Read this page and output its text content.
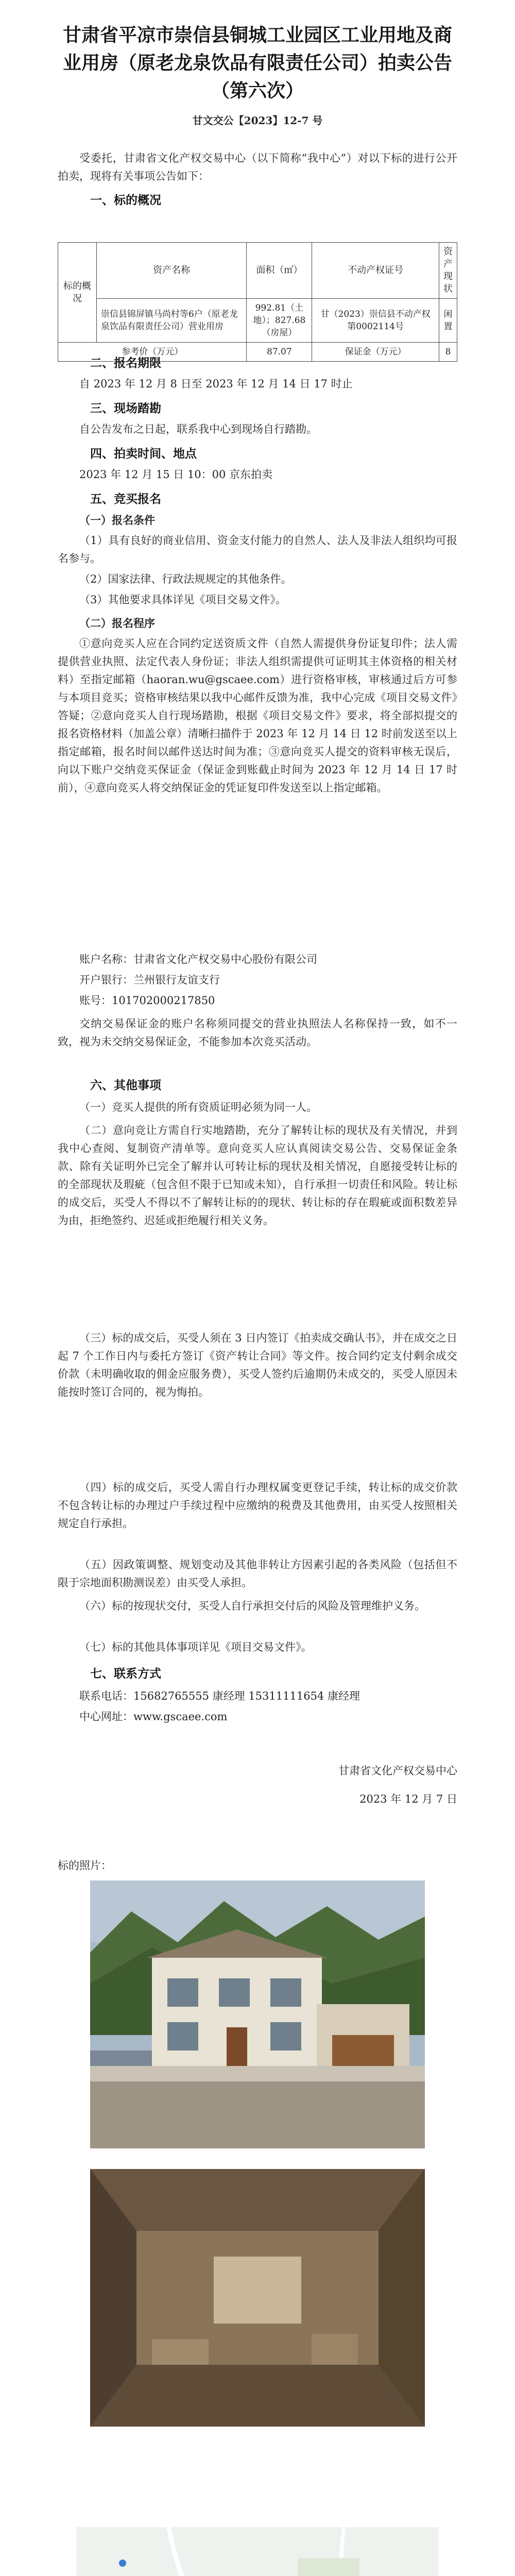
甘肃省平凉市崇信县铜城工业园区工业用地及商业用房（原老龙泉饮品有限责任公司）拍卖公告（第六次）
甘文交公【2023】12-7 号

受委托，甘肃省文化产权交易中心（以下简称“我中心”）对以下标的进行公开拍卖，现将有关事项公告如下：

一、标的概况
标的概况	资产名称	面积（㎡）	不动产权证号	资产现状
	崇信县锦屏镇马尚村等6户（原老龙泉饮品有限责任公司）营业用房	992.81（土地）；827.68（房屋）	甘（2023）崇信县不动产权第0002114号	闲置
参考价（万元）		87.07	保证金（万元）	8
二、报名期限

自 2023 年 12 月 8 日至 2023 年 12 月 14 日 17 时止

三、现场踏勘

自公告发布之日起，联系我中心到现场自行踏勘。

四、拍卖时间、地点

2023 年 12 月 15 日 10：00 京东拍卖

五、竞买报名
（一）报名条件

（1）具有良好的商业信用、资金支付能力的自然人、法人及非法人组织均可报名参与。

（2）国家法律、行政法规规定的其他条件。

（3）其他要求具体详见《项目交易文件》。

（二）报名程序

①意向竞买人应在合同约定送资质文件（自然人需提供身份证复印件；法人需提供营业执照、法定代表人身份证；非法人组织需提供可证明其主体资格的相关材料）至指定邮箱（haoran.wu@gscaee.com）进行资格审核，审核通过后方可参与本项目竞买；资格审核结果以我中心邮件反馈为准，我中心完成《项目交易文件》答疑；②意向竞买人自行现场踏勘，根据《项目交易文件》要求，将全部拟提交的报名资格材料（加盖公章）清晰扫描件于 2023 年 12 月 14 日 12 时前发送至以上指定邮箱，报名时间以邮件送达时间为准；③意向竞买人提交的资料审核无误后，向以下账户交纳竞买保证金（保证金到账截止时间为 2023 年 12 月 14 日 17 时前），④意向竞买人将交纳保证金的凭证复印件发送至以上指定邮箱。

账户名称：甘肃省文化产权交易中心股份有限公司

开户银行：兰州银行友谊支行

账号：101702000217850

交纳交易保证金的账户名称须同提交的营业执照法人名称保持一致，如不一致，视为未交纳交易保证金，不能参加本次竞买活动。

六、其他事项

（一）竞买人提供的所有资质证明必须为同一人。

（二）意向竞让方需自行实地踏勘，充分了解转让标的现状及有关情况，并到我中心查阅、复制资产清单等。意向竞买人应认真阅读交易公告、交易保证金条款、除有关证明外已完全了解并认可转让标的现状及相关情况，自愿接受转让标的的全部现状及瑕疵（包含但不限于已知或未知），自行承担一切责任和风险。转让标的成交后，买受人不得以不了解转让标的的现状、转让标的存在瑕疵或面积数差异为由，拒绝签约、迟延或拒绝履行相关义务。

（三）标的成交后，买受人须在 3 日内签订《拍卖成交确认书》，并在成交之日起 7 个工作日内与委托方签订《资产转让合同》等文件。按合同约定支付剩余成交价款（未明确收取的佣金应服务费），买受人签约后逾期仍未成交的，买受人原因未能按时签订合同的，视为悔拍。

（四）标的成交后，买受人需自行办理权属变更登记手续，转让标的成交价款不包含转让标的办理过户手续过程中应缴纳的税费及其他费用，由买受人按照相关规定自行承担。

（五）因政策调整、规划变动及其他非转让方因素引起的各类风险（包括但不限于宗地面积勘测误差）由买受人承担。

（六）标的按现状交付，买受人自行承担交付后的风险及管理维护义务。

（七）标的其他具体事项详见《项目交易文件》。

七、联系方式

联系电话：15682765555 康经理 15311111654 康经理

中心网址：www.gscaee.com

甘肃省文化产权交易中心
2023 年 12 月 7 日
标的照片：
